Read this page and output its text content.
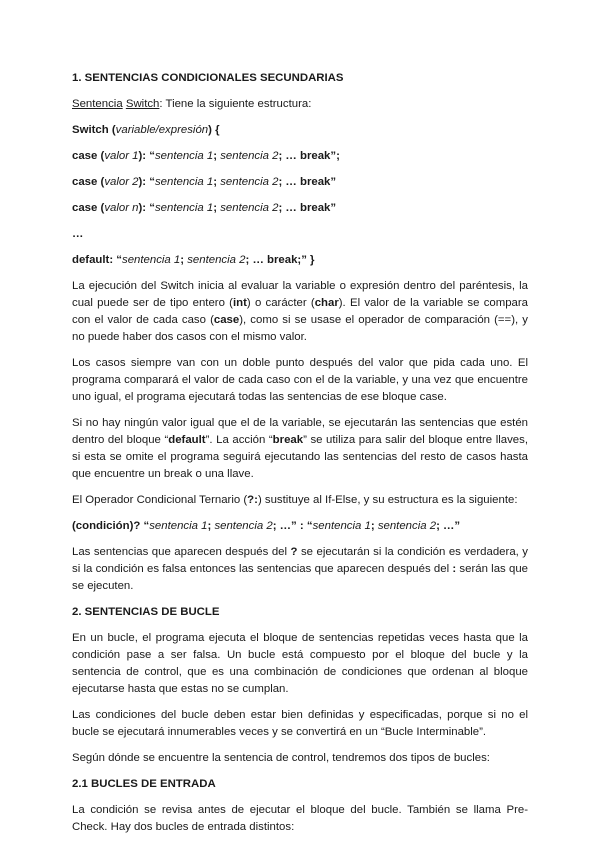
1. SENTENCIAS CONDICIONALES SECUNDARIAS

Sentencia Switch: Tiene la siguiente estructura:

Switch (variable/expresión) {
case (valor 1): “sentencia 1; sentencia 2; … break”;
case (valor 2): “sentencia 1; sentencia 2; … break”
case (valor n): “sentencia 1; sentencia 2; … break”
…
default: “sentencia 1; sentencia 2; … break;” }

La ejecución del Switch inicia al evaluar la variable o expresión dentro del paréntesis, la cual puede ser de tipo entero (int) o carácter (char). El valor de la variable se compara con el valor de cada caso (case), como si se usase el operador de comparación (==), y no puede haber dos casos con el mismo valor.

Los casos siempre van con un doble punto después del valor que pida cada uno. El programa comparará el valor de cada caso con el de la variable, y una vez que encuentre uno igual, el programa ejecutará todas las sentencias de ese bloque case.

Si no hay ningún valor igual que el de la variable, se ejecutarán las sentencias que estén dentro del bloque “default”. La acción “break” se utiliza para salir del bloque entre llaves, si esta se omite el programa seguirá ejecutando las sentencias del resto de casos hasta que encuentre un break o una llave.

El Operador Condicional Ternario (?:) sustituye al If-Else, y su estructura es la siguiente:

(condición)? “sentencia 1; sentencia 2; …” : “sentencia 1; sentencia 2; …”

Las sentencias que aparecen después del ? se ejecutarán si la condición es verdadera, y si la condición es falsa entonces las sentencias que aparecen después del : serán las que se ejecuten.

2. SENTENCIAS DE BUCLE

En un bucle, el programa ejecuta el bloque de sentencias repetidas veces hasta que la condición pase a ser falsa. Un bucle está compuesto por el bloque del bucle y la sentencia de control, que es una combinación de condiciones que ordenan al bloque ejecutarse hasta que estas no se cumplan.

Las condiciones del bucle deben estar bien definidas y especificadas, porque si no el bucle se ejecutará innumerables veces y se convertirá en un “Bucle Interminable”.

Según dónde se encuentre la sentencia de control, tendremos dos tipos de bucles:

2.1 BUCLES DE ENTRADA

La condición se revisa antes de ejecutar el bloque del bucle. También se llama Pre-Check. Hay dos bucles de entrada distintos:
